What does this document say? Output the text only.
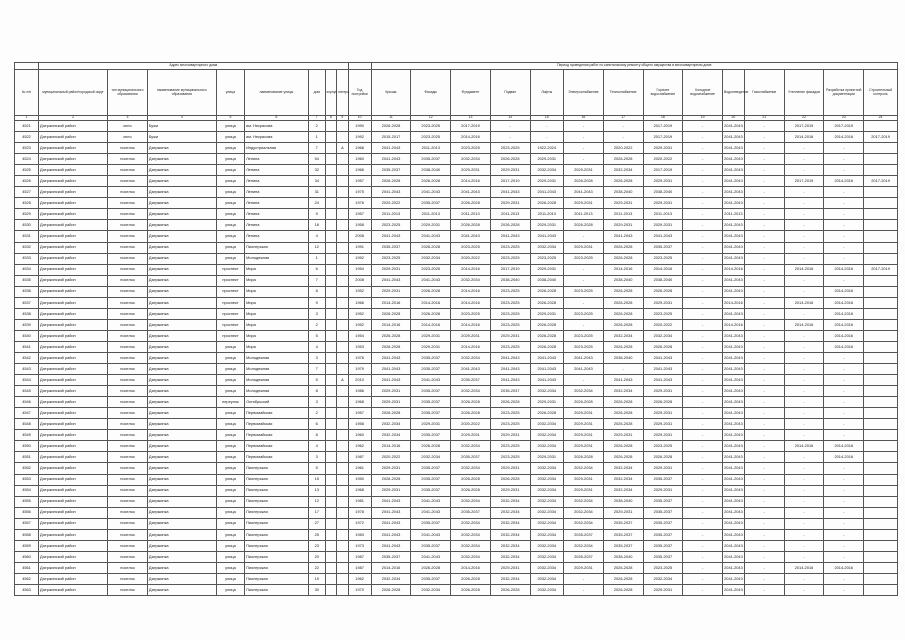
	Адрес многоквартирного дома									Период проведения работ по капитальному ремонту общего имущества в многоквартирном доме													
№ п/п	муниципальный район/городской округ	тип муниципального образования	наименование муниципального образования	улица	наименование улицы	дом	корпус	литера	Год постройки	Крыша	Фасады	Фундамент	Подвал	Лифты	Электроснабжение	Теплоснабжение	Горячее водоснабжение	Холодное водоснабжение	Водоотведение	Газоснабжение	Утепление фасадов	Разработка проектной документации	Строительный контроль
1	2	3	4	5	6	7	8	9	10	11	12	13	14	15	16	17	18	19	20	21	22	23	24
4521	Дзержинский район	село	Бужи	улица	им. Некрасова	2			1990	2026-2028	2023-2025	2017-2019	-	-	-	-	2017-2019	-	2041-2043	-	2017-2019	2017-2019	
4522	Дзержинский район	село	Бужи	улица	им. Некрасова	1			1992	2015-2017	2023-2025	2014-2016	-	-	-	-	2017-2019	-	2041-2043	-	2014-2016	2014-2016	2017-2019
4523	Дзержинский район	поселок	Дзержинка	улица	Индустриальная	7		А	1968	2041-2043	2011-2013	2023-2025	2023-2025	1922-2024	-	2020-2022	2029-2031	-	2041-2043	-	-	-	
4524	Дзержинский район	поселок	Дзержинка	улица	Ленина	54			1960	2041-2043	2035-2037	2032-2034	2026-2028	2029-2031	-	2026-2028	2020-2022	-	2041-2043	-	-	-	
4525	Дзержинский район	поселок	Дзержинка	улица	Ленина	32			1966	2035-2037	2038-2040	2029-2031	2029-2031	2032-2034	2029-2031	2032-2034	2017-2019	-	2041-2043	-	-	-	
4526	Дзержинский район	поселок	Дзержинка	улица	Ленина	34			1957	2026-2028	2026-2028	2014-2016	2017-2019	2029-2031	2026-2028	2026-2028	2029-2031	-	2041-2043	-	2017-2019	2014-2016	2017-2019
4527	Дзержинский район	поселок	Дзержинка	улица	Ленина	31			1975	2041-2043	2041-2043	2041-2043	2041-2043	2041-2043	2041-2043	2038-2040	2038-2040	-	2041-2043	-	-	-	
4528	Дзержинский район	поселок	Дзержинка	улица	Ленина	24			1976	2020-2022	2035-2037	2026-2028	2029-2031	2026-2028	2029-2031	2029-2031	2029-2031	-	2041-2043	-	-	-	
4529	Дзержинский район	поселок	Дзержинка	улица	Ленина	9			1957	2011-2013	2011-2013	2011-2013	2011-2013	2011-2013	2011-2013	2011-2013	2011-2013	-	2011-2013	-	-	-	
4530	Дзержинский район	поселок	Дзержинка	улица	Ленина	18			1958	2023-2025	2029-2031	2026-2028	2026-2028	2029-2031	2026-2028	2029-2031	2029-2031	-	2041-2043	-	-	-	
4531	Дзержинский район	поселок	Дзержинка	улица	Ленина	4			2008	2041-2043	2041-2043	2041-2043	2041-2043	2041-2043	-	2041-2043	2041-2043	-	2041-2043	-	-	-	
4532	Дзержинский район	поселок	Дзержинка	улица	Пионерская	12			1991	2035-2037	2026-2028	2023-2025	2023-2025	2032-2034	2029-2031	2026-2028	2035-2037	-	2041-2043	-	-	-	
4533	Дзержинский район	поселок	Дзержинка	улица	Молодежная	1			1992	2023-2025	2032-2034	2020-2022	2023-2025	2023-2025	2023-2025	2026-2028	2023-2025	-	2041-2043	-	-	-	
4534	Дзержинский район	поселок	Дзержинка	проспект	Мира	6			1954	2029-2031	2023-2025	2014-2016	2017-2019	2029-2031	-	2014-2016	2014-2016	-	2014-2016	-	2014-2016	2014-2016	2017-2019
4535	Дзержинский район	поселок	Дзержинка	проспект	Мира	7			2008	2041-2043	2041-2043	2032-2034	2038-2040	2038-2040	-	2038-2040	2038-2040	-	2041-2043	-	-	-	
4536	Дзержинский район	поселок	Дзержинка	проспект	Мира	8			1952	2029-2031	2026-2028	2014-2016	2023-2025	2026-2028	2023-2025	2026-2028	2026-2028	-	2041-2043	-	-	2014-2016	
4537	Дзержинский район	поселок	Дзержинка	проспект	Мира	9			1966	2014-2016	2014-2016	2014-2016	2023-2025	2026-2028	-	2026-2028	2029-2031	-	2014-2016	-	2014-2016	2014-2016	
4538	Дзержинский район	поселок	Дзержинка	проспект	Мира	3			1952	2026-2028	2026-2028	2023-2025	2023-2025	2029-2031	2023-2025	2026-2028	2023-2025	-	2041-2043	-	-	2014-2016	
4539	Дзержинский район	поселок	Дзержинка	проспект	Мира	2			1952	2014-2016	2014-2016	2014-2016	2023-2025	2026-2028	-	2026-2028	2020-2022	-	2014-2016	-	2014-2016	2014-2016	
4540	Дзержинский район	поселок	Дзержинка	проспект	Мира	5			1954	2026-2028	2029-2031	2029-2031	2029-2031	2026-2028	2023-2025	2032-2034	2032-2034	-	2041-2043	-	-	2014-2016	
4541	Дзержинский район	поселок	Дзержинка	улица	Мира	4			1953	2026-2028	2029-2031	2014-2016	2023-2025	2026-2028	2023-2025	2026-2028	2026-2028	-	2041-2043	-	-	2014-2016	
4542	Дзержинский район	поселок	Дзержинка	улица	Молодежная	3			1976	2041-2043	2035-2037	2032-2034	2041-2043	2041-2043	2041-2043	2038-2040	2041-2043	-	2041-2043	-	-	-	
4543	Дзержинский район	поселок	Дзержинка	улица	Молодежная	7			1979	2041-2043	2035-2037	2041-2043	2041-2043	2041-2043	2041-2043	-	2041-2043	-	2041-2043	-	-	-	
4544	Дзержинский район	поселок	Дзержинка	улица	Молодежная	5		А	2010	2041-2043	2041-2043	2035-2037	2041-2043	2041-2043	-	2041-2043	2041-2043	-	2041-2043	-	-	-	
4545	Дзержинский район	поселок	Дзержинка	улица	Молодежная	8			1986	2029-2031	2035-2037	2032-2034	2035-2037	2032-2034	2032-2034	2032-2034	2029-2031	-	2041-2043	-	-	-	
4546	Дзержинский район	поселок	Дзержинка	переулок	Октябрьский	3			1968	2029-2031	2035-2037	2026-2028	2026-2028	2029-2031	2026-2028	2026-2028	2026-2028	-	2041-2043	-	-	-	
4547	Дзержинский район	поселок	Дзержинка	улица	Первомайская	2			1957	2026-2028	2035-2037	2026-2028	2023-2025	2026-2028	2029-2031	2026-2028	2029-2031	-	2041-2043	-	-	-	
4548	Дзержинский район	поселок	Дзержинка	улица	Первомайская	6			1958	2032-2034	2029-2031	2020-2022	2023-2025	2032-2034	2029-2031	2026-2028	2029-2031	-	2041-2043	-	-	-	
4549	Дзержинский район	поселок	Дзержинка	улица	Первомайская	8			1960	2032-2034	2035-2037	2029-2031	2029-2031	2032-2034	2029-2031	2029-2031	2029-2031	-	2041-2043	-	-	-	
4550	Дзержинский район	поселок	Дзержинка	улица	Первомайская	4			1962	2014-2016	2026-2028	2032-2034	2023-2025	2032-2034	2029-2031	2026-2028	2023-2025	-	2041-2043	-	2014-2016	2014-2016	
4551	Дзержинский район	поселок	Дзержинка	улица	Первомайская	3			1987	2020-2022	2032-2034	2035-2037	2023-2025	2029-2031	2026-2028	2026-2028	2026-2028	-	2041-2043	-	-	2014-2016	
4552	Дзержинский район	поселок	Дзержинка	улица	Пионерская	5			1961	2029-2031	2035-2037	2032-2034	2029-2031	2032-2034	2032-2034	2032-2034	2029-2031	-	2041-2043	-	-	-	
4553	Дзержинский район	поселок	Дзержинка	улица	Пионерская	15			1950	2026-2028	2035-2037	2026-2028	2026-2028	2032-2034	2029-2031	2032-2034	2035-2037	-	2041-2043	-	-	-	
4554	Дзержинский район	поселок	Дзержинка	улица	Пионерская	13			1968	2029-2031	2035-2037	2026-2028	2029-2031	2032-2034	2029-2031	2032-2034	2029-2031	-	2041-2043	-	-	-	
4555	Дзержинский район	поселок	Дзержинка	улица	Пионерская	12			1981	2041-2043	2041-2043	2032-2034	2032-2034	2032-2034	2032-2034	2038-2040	2035-2037	-	2041-2043	-	-	-	
4556	Дзержинский район	поселок	Дзержинка	улица	Пионерская	17			1978	2041-2043	2041-2043	2035-2037	2032-2034	2032-2034	2032-2034	2029-2031	2035-2037	-	2041-2043	-	-	-	
4557	Дзержинский район	поселок	Дзержинка	улица	Пионерская	27			1972	2041-2043	2035-2037	2032-2034	2032-2034	2032-2034	2032-2034	2035-2037	2035-2037	-	2041-2043	-	-	-	
4558	Дзержинский район	поселок	Дзержинка	улица	Пионерская	25			1983	2041-2043	2041-2043	2032-2034	2032-2034	2032-2034	2035-2037	2035-2037	2035-2037	-	2041-2043	-	-	-	
4559	Дзержинский район	поселок	Дзержинка	улица	Пионерская	23			1973	2041-2043	2035-2037	2032-2034	2032-2034	2032-2034	2032-2034	2035-2037	2035-2037	-	2041-2043	-	-	-	
4560	Дзержинский район	поселок	Дзержинка	улица	Пионерская	20			1987	2035-2037	2041-2043	2032-2034	2032-2034	2032-2034	2035-2037	2038-2040	2035-2037	-	2041-2043	-	-	-	
4561	Дзержинский район	поселок	Дзержинка	улица	Пионерская	22			1987	2014-2016	2026-2028	2014-2016	2029-2031	2032-2034	2029-2031	2026-2028	2023-2025	-	2041-2043	-	2014-2016	2014-2016	
4562	Дзержинский район	поселок	Дзержинка	улица	Пионерская	19			1962	2032-2034	2035-2037	2026-2028	2032-2034	2032-2034	-	2026-2028	2032-2034	-	2041-2043	-	-	-	
4563	Дзержинский район	поселок	Дзержинка	улица	Пионерская	30			1970	2026-2028	2032-2034	2026-2028	2026-2028	2032-2034	-	2026-2028	2029-2031	-	2041-2043	-	-	-	
